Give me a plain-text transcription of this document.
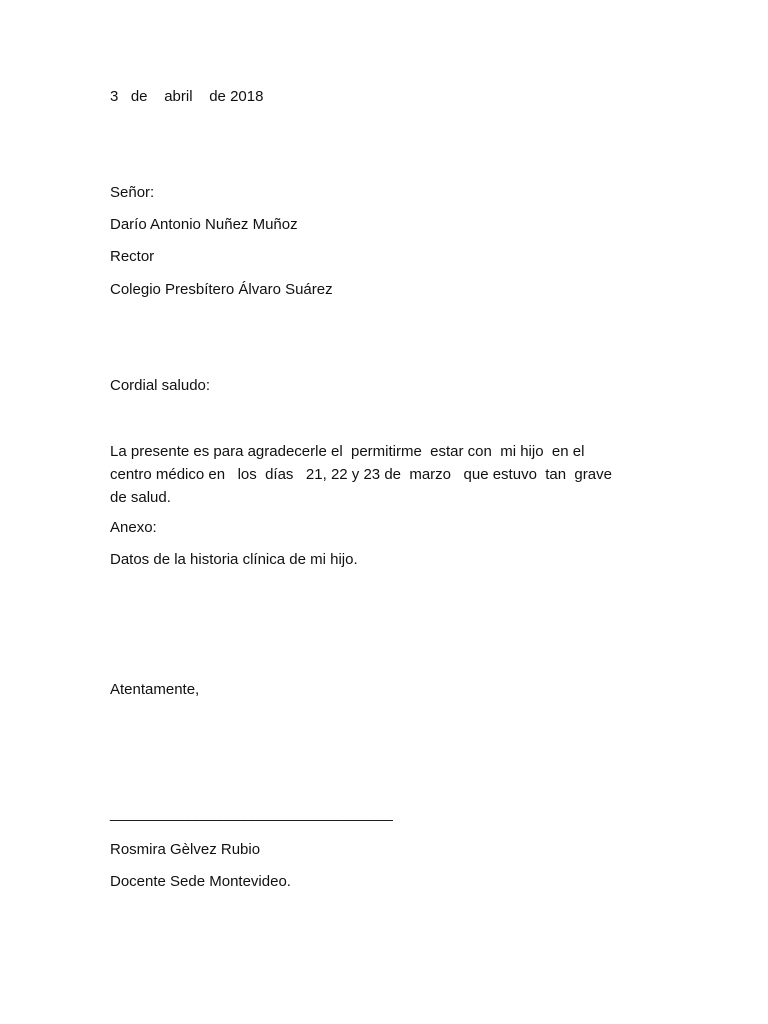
3   de    abril    de 2018
Señor:
Darío Antonio Nuñez Muñoz
Rector
Colegio Presbítero Álvaro Suárez
Cordial saludo:

La presente es para agradecerle el  permitirme  estar con  mi hijo  en el

centro médico en   los  días   21, 22 y 23 de  marzo   que estuvo  tan  grave

de salud.

Anexo:
Datos de la historia clínica de mi hijo.
Atentamente,
____________________________________
Rosmira Gèlvez Rubio
Docente Sede Montevideo.
